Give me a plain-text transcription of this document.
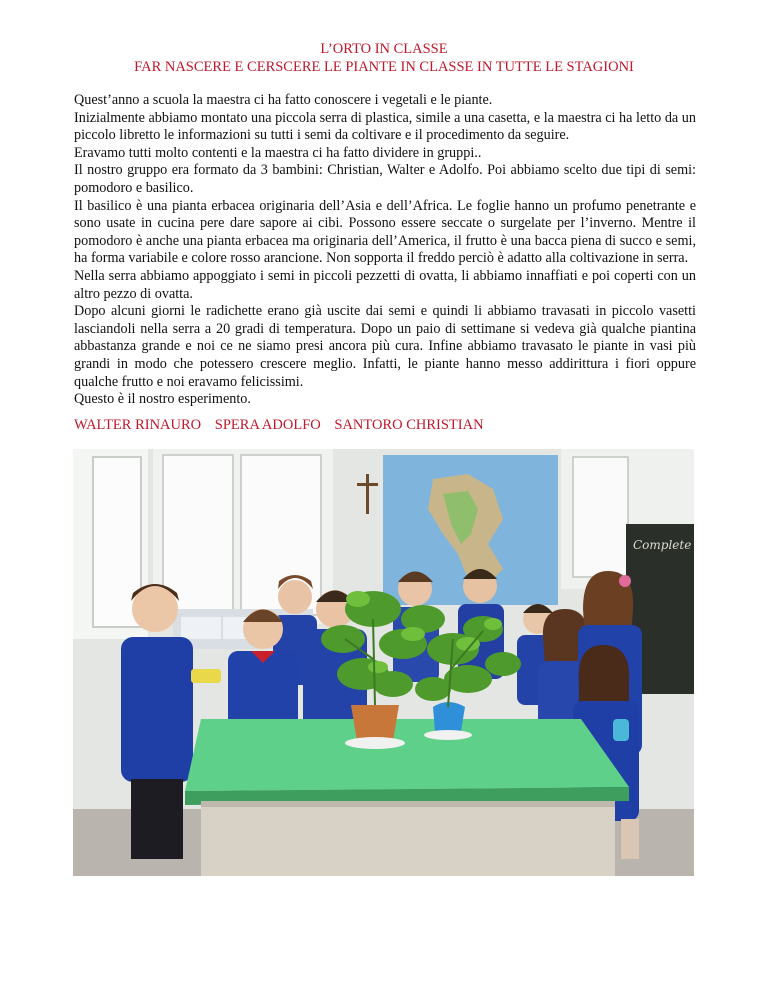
L’ORTO IN CLASSE
FAR NASCERE E CERSCERE LE PIANTE IN CLASSE IN TUTTE LE STAGIONI

Quest’anno a scuola la maestra ci ha fatto conoscere i vegetali e le piante.

Inizialmente abbiamo montato una piccola serra di plastica, simile a una casetta, e la maestra ci ha letto da un piccolo libretto le informazioni su tutti i semi da coltivare e il procedimento da seguire.

Eravamo tutti molto contenti e la maestra ci ha fatto dividere in gruppi..

Il nostro gruppo era formato da 3 bambini: Christian, Walter e Adolfo. Poi abbiamo scelto due tipi di semi: pomodoro e basilico.

Il basilico è una pianta erbacea originaria dell’Asia e dell’Africa. Le foglie hanno un profumo penetrante e sono usate in cucina pere dare sapore ai cibi. Possono essere seccate o surgelate per l’inverno. Mentre il pomodoro è anche una pianta erbacea ma originaria dell’America, il frutto è una bacca piena di succo e semi, ha forma variabile e colore rosso arancione. Non sopporta il freddo perciò è adatto alla coltivazione in serra.

Nella serra abbiamo appoggiato i semi in piccoli pezzetti di ovatta, li abbiamo innaffiati e poi coperti con un altro pezzo di ovatta.

Dopo alcuni giorni le radichette erano già uscite dai semi e quindi li abbiamo travasati in piccolo vasetti lasciandoli nella serra a 20 gradi di temperatura. Dopo un paio di settimane si vedeva già qualche piantina abbastanza grande e noi ce ne siamo presi ancora più cura. Infine abbiamo travasato le piante in vasi più grandi in modo che potessero crescere meglio. Infatti, le piante hanno messo addirittura i fiori oppure qualche frutto e noi eravamo felicissimi.

Questo è il nostro esperimento.

WALTER RINAURO SPERA ADOLFO SANTORO CHRISTIAN
Complete
